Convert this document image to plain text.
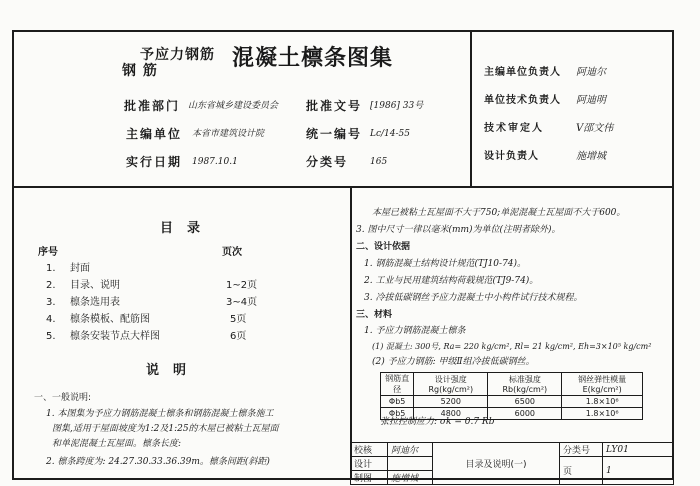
予应力钢筋
钢 筋	混凝土檩条图集
批准部门 山东省城乡建设委员会 批准文号 [1986] 33号
主编单位 本省市建筑设计院	统一编号 Lc/14-55
实行日期 1987.10.1	分类号 165
主编单位负责人 阿迪尔
单位技术负责人 阿迪明
技术审定人	V邵文伟
设计负责人	施增城
目录
序号	页次
1. 封面
2. 目录、说明	1~2页
3. 檩条选用表	3~4页
4. 檩条模板、配筋图	5页
5. 檩条安装节点大样图	6页
说明
一、一般说明:
1. 本图集为予应力钢筋混凝土檩条和钢筋混凝土檩条施工
图集,适用于屋面坡度为1:2及1:25的木屋已被粘土瓦屋面
和单泥混凝土瓦屋面。檩条长度:
2. 檩条跨度为: 24.27.30.33.36.39m。檩条间距(斜距)
本屋已被粘土瓦屋面不大于750;单泥混凝土瓦屋面不大于600。
3. 图中尺寸一律以毫米(mm)为单位(注明者除外)。
二、设计依据
1. 钢筋混凝土结构设计规范(TJ10-74)。
2. 工业与民用建筑结构荷载规范(TJ9-74)。
3. 冷拔低碳钢丝予应力混凝土中小构件试行技术规程。
三、材料
1. 予应力钢筋混凝土檩条
(1) 混凝土: 300号, Ra= 220 kg/cm², Rl= 21 kg/cm², Eh=3×10⁵ kg/cm²
(2) 予应力钢筋: 甲级Ⅱ组冷拔低碳钢丝。
钢筋直径	设计强度Rg(kg/cm²)	标准强度Rb(kg/cm²)	钢丝弹性模量E(kg/cm²)
Φb5	5200	6500	1.8×10⁶
Φb5	4800	6000	1.8×10⁶
张拉控制应力: σk = 0.7 Rb
校核	阿迪尔	目录及说明(一)	分类号	LY01
设计			页	1
制图	施增城			
